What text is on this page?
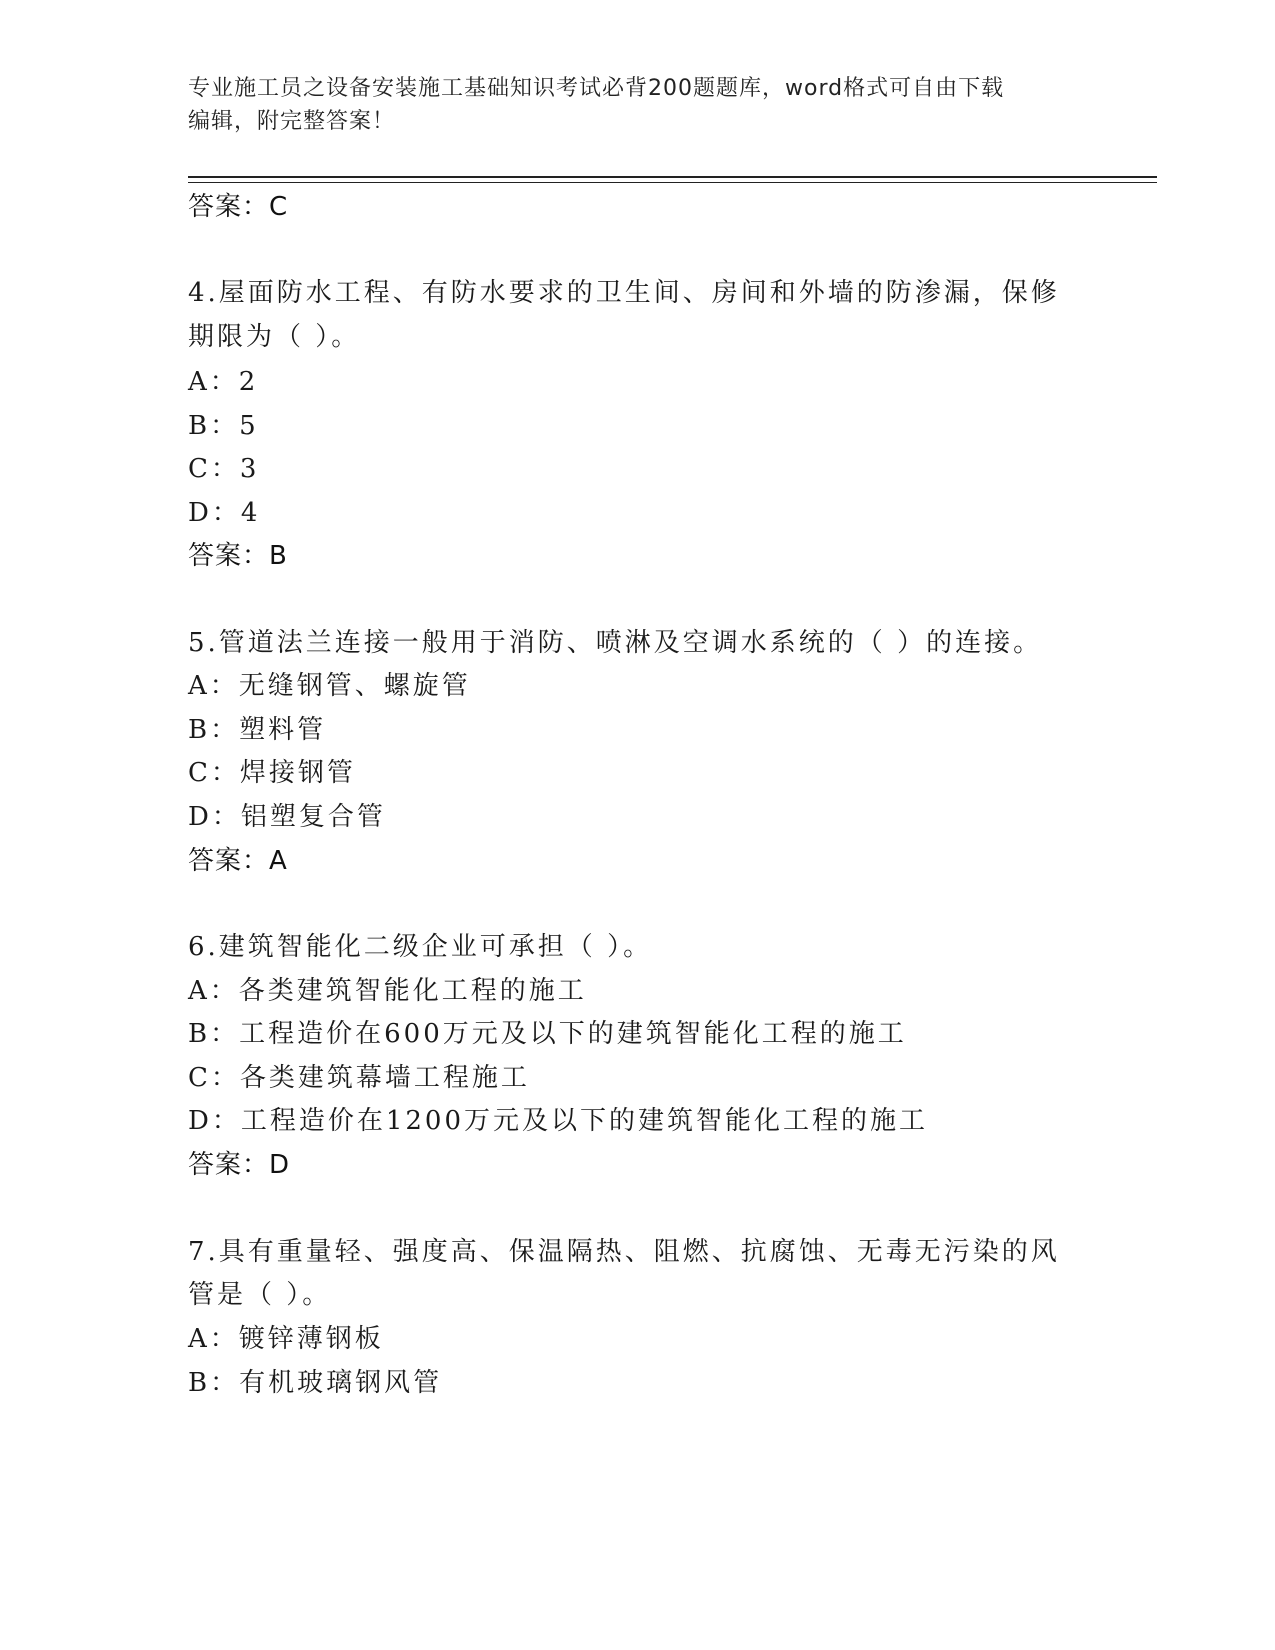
专业施工员之设备安装施工基础知识考试必背200题题库，word格式可自由下载
编辑，附完整答案！
答案：C
4.屋面防水工程、有防水要求的卫生间、房间和外墙的防渗漏，保修
期限为（ ）。
A：2
B：5
C：3
D：4
答案：B
5.管道法兰连接一般用于消防、喷淋及空调水系统的（ ）的连接。
A：无缝钢管、螺旋管
B：塑料管
C：焊接钢管
D：铝塑复合管
答案：A
6.建筑智能化二级企业可承担（ ）。
A：各类建筑智能化工程的施工
B：工程造价在600万元及以下的建筑智能化工程的施工
C：各类建筑幕墙工程施工
D：工程造价在1200万元及以下的建筑智能化工程的施工
答案：D
7.具有重量轻、强度高、保温隔热、阻燃、抗腐蚀、无毒无污染的风
管是（ ）。
A：镀锌薄钢板
B：有机玻璃钢风管
